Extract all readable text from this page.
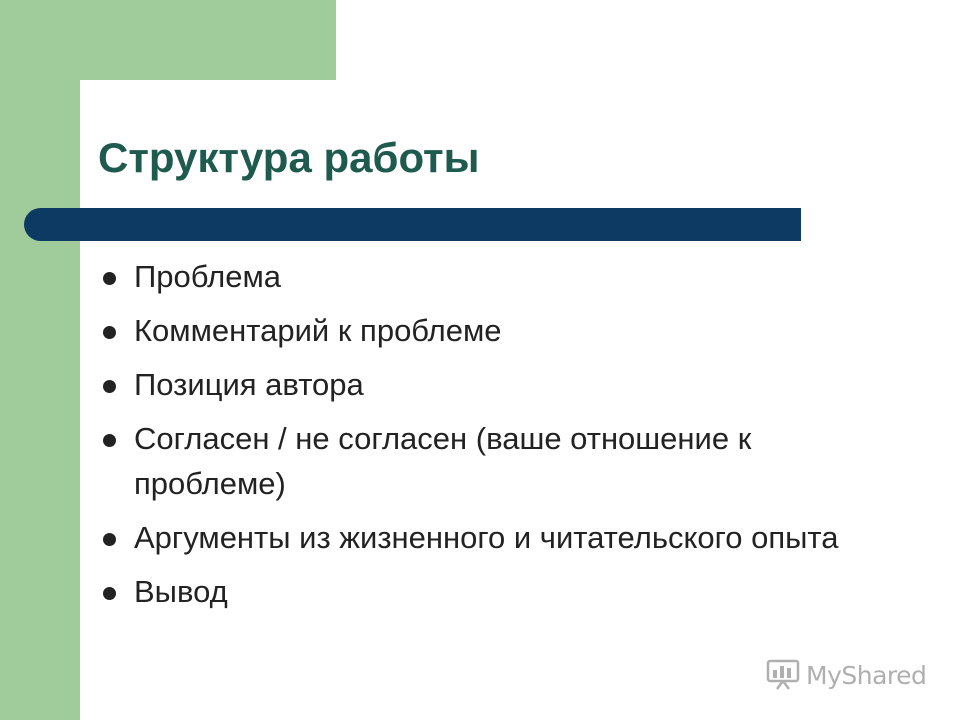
Структура работы
Проблема
Комментарий к проблеме
Позиция автора
Согласен / не согласен (ваше отношение к проблеме)
Аргументы из жизненного и читательского опыта
Вывод
MyShared
